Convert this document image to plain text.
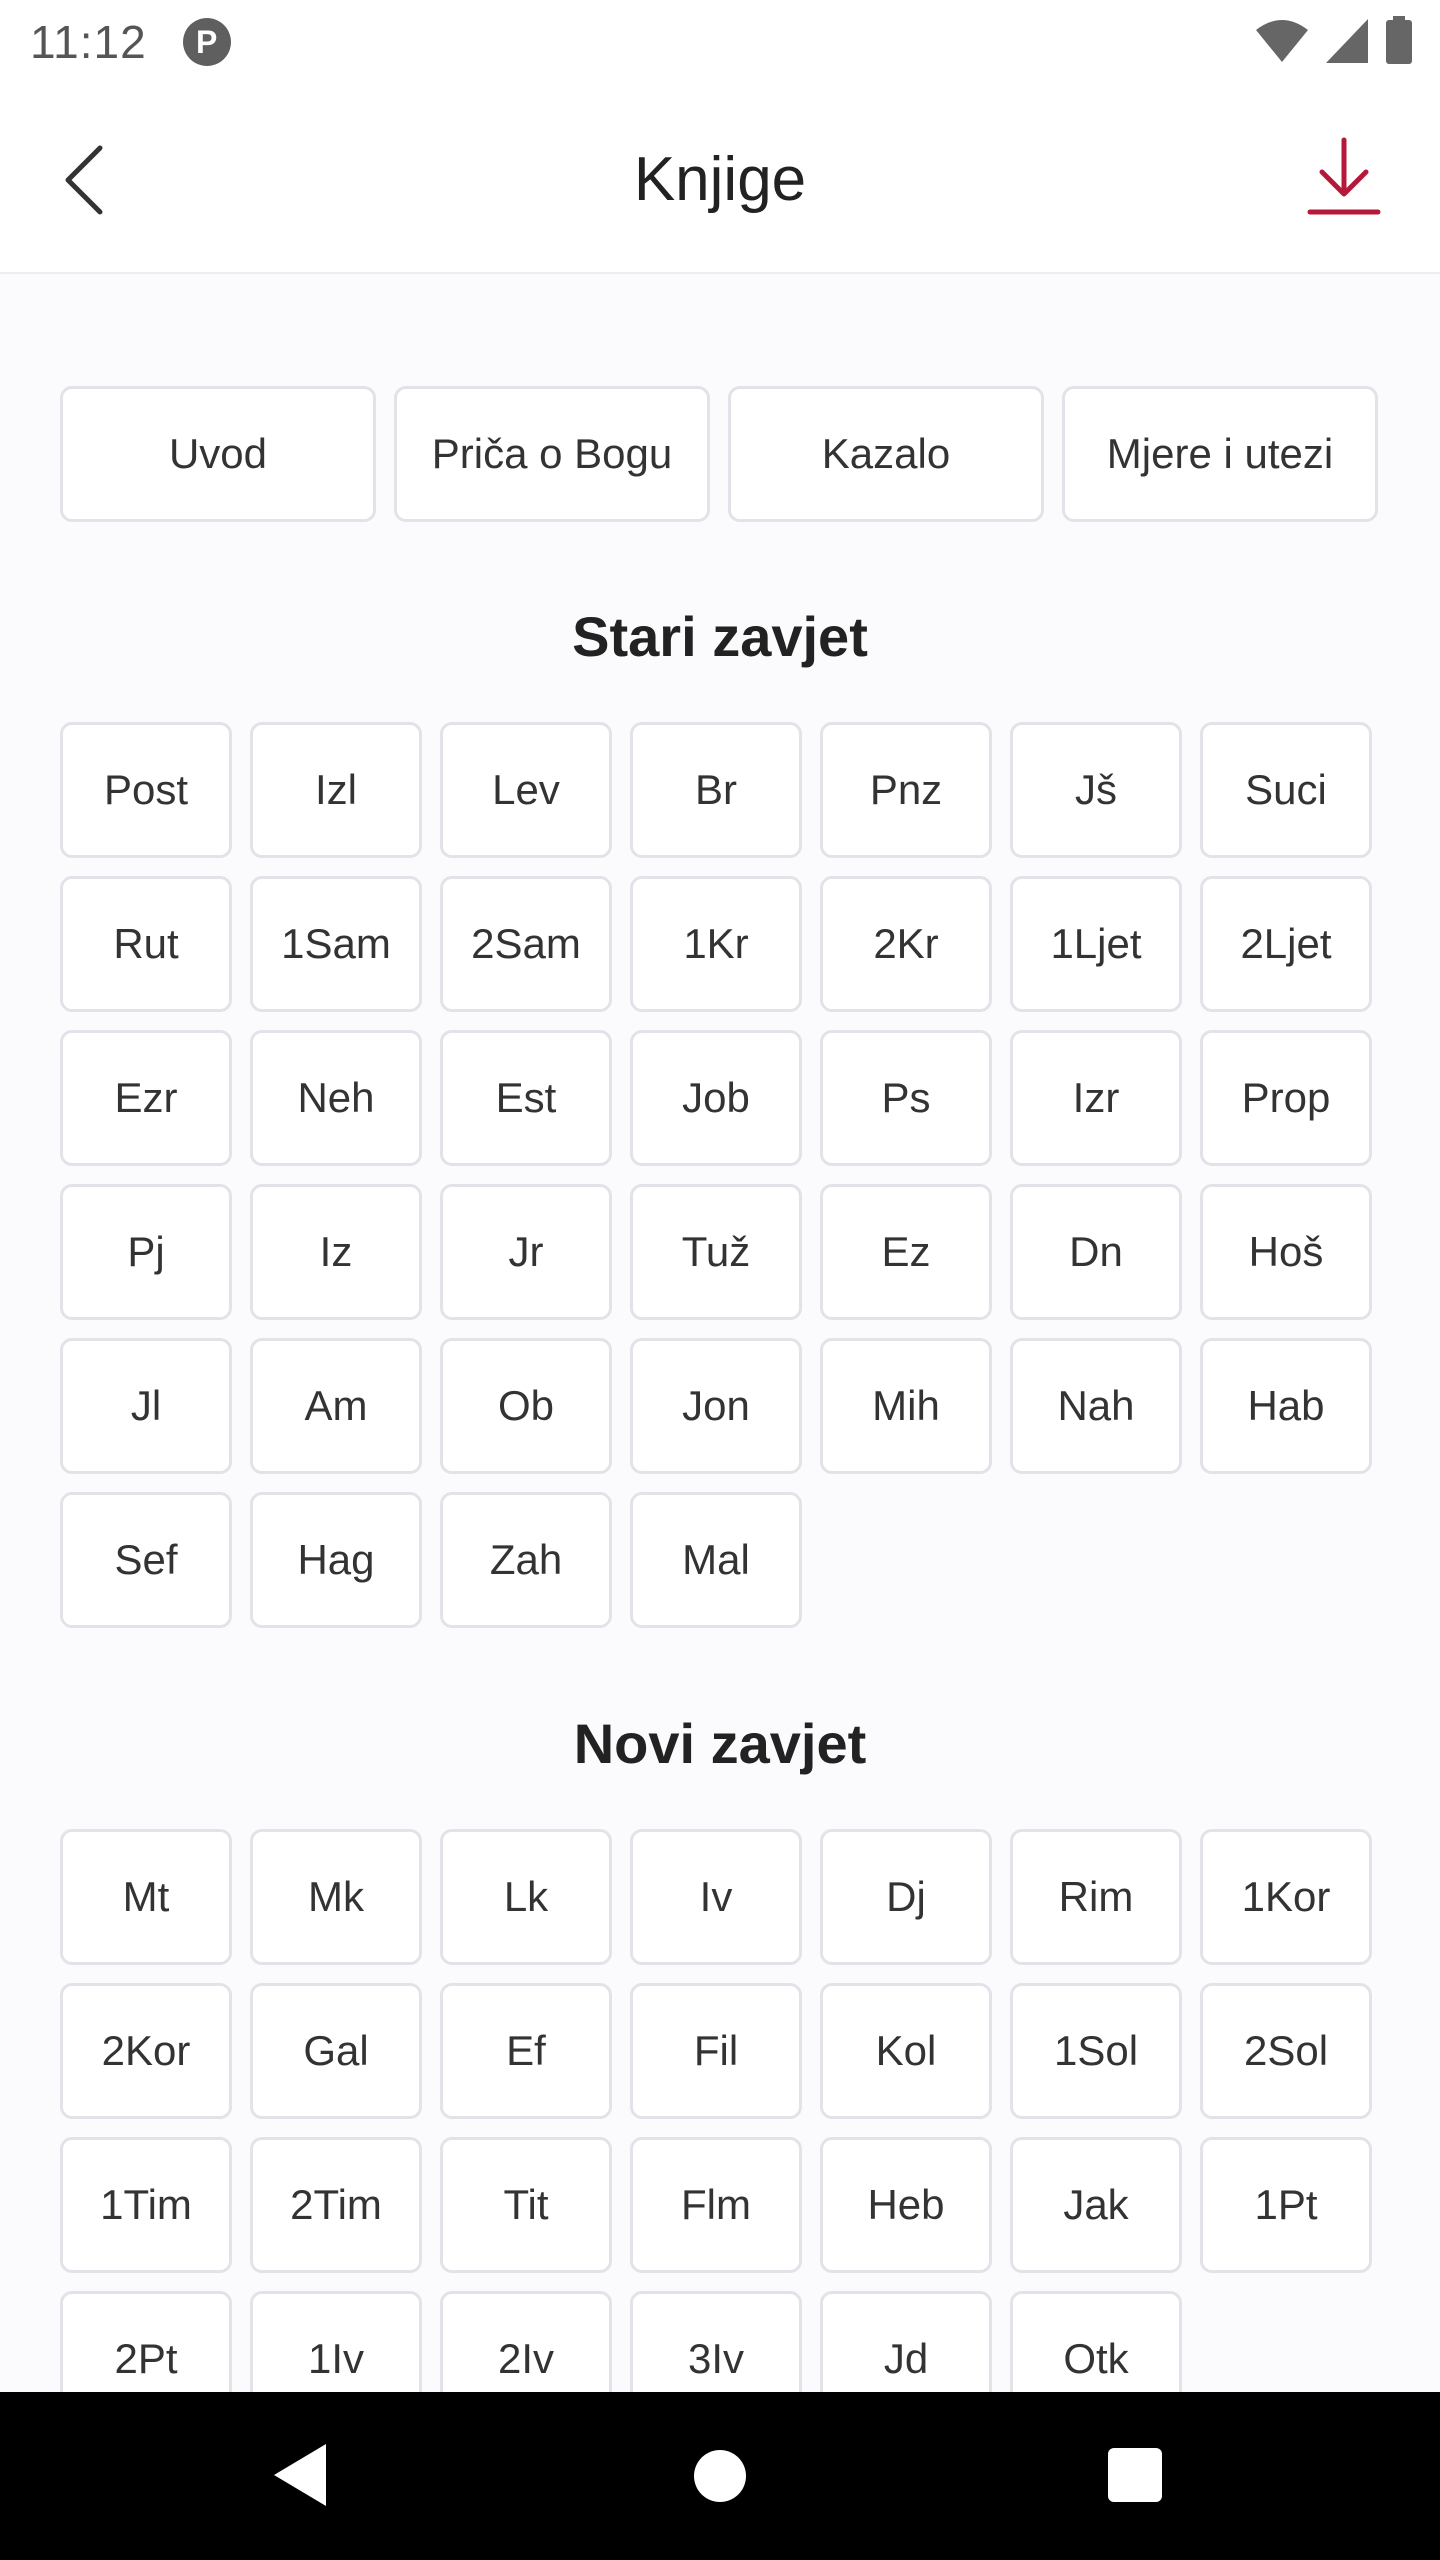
11:12	P
Knjige
Uvod	Priča o Bogu	Kazalo	Mjere i utezi
Stari zavjet
Post	Izl	Lev	Br	Pnz	Jš	Suci
Rut	1Sam	2Sam	1Kr	2Kr	1Ljet	2Ljet
Ezr	Neh	Est	Job	Ps	Izr	Prop
Pj	Iz	Jr	Tuž	Ez	Dn	Hoš
Jl	Am	Ob	Jon	Mih	Nah	Hab
Sef	Hag	Zah	Mal
Novi zavjet
Mt	Mk	Lk	Iv	Dj	Rim	1Kor
2Kor	Gal	Ef	Fil	Kol	1Sol	2Sol
1Tim	2Tim	Tit	Flm	Heb	Jak	1Pt
2Pt	1Iv	2Iv	3Iv	Jd	Otk
